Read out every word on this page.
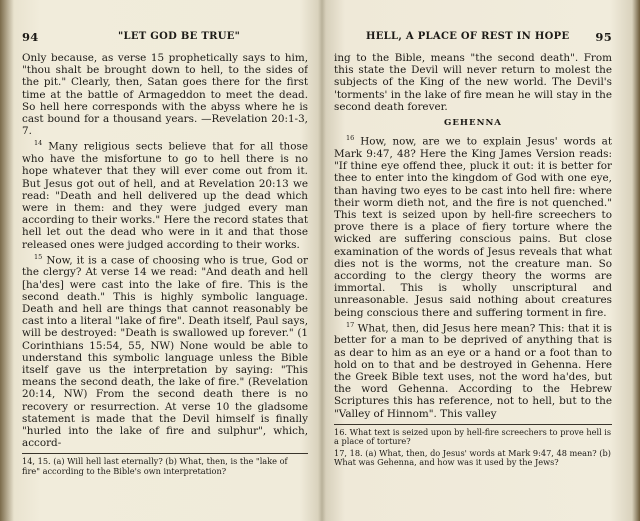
94	"LET GOD BE TRUE"

Only because, as verse 15 prophetically says to him, "thou shalt be brought down to hell, to the sides of the pit." Clearly, then, Satan goes there for the first time at the battle of Armageddon to meet the dead. So hell here corresponds with the abyss where he is cast bound for a thousand years. —Revelation 20:1-3, 7.

$^{14}$ Many religious sects believe that for all those who have the misfortune to go to hell there is no hope whatever that they will ever come out from it. But Jesus got out of hell, and at Revelation 20:13 we read: "Death and hell delivered up the dead which were in them: and they were judged every man according to their works." Here the record states that hell let out the dead who were in it and that those released ones were judged according to their works.

$^{15}$ Now, it is a case of choosing who is true, God or the clergy? At verse 14 we read: "And death and hell [ha'des] were cast into the lake of fire. This is the second death." This is highly symbolic language. Death and hell are things that cannot reasonably be cast into a literal "lake of fire". Death itself, Paul says, will be destroyed: "Death is swallowed up forever." (1 Corinthians 15:54, 55, NW) None would be able to understand this symbolic language unless the Bible itself gave us the interpretation by saying: "This means the second death, the lake of fire." (Revelation 20:14, NW) From the second death there is no recovery or resurrection. At verse 10 the gladsome statement is made that the Devil himself is finally "hurled into the lake of fire and sulphur", which, accord-

14, 15. (a) Will hell last eternally? (b) What, then, is the "lake of fire" according to the Bible's own interpretation?

HELL, A PLACE OF REST IN HOPE 95

ing to the Bible, means "the second death". From this state the Devil will never return to molest the subjects of the King of the new world. The Devil's 'torments' in the lake of fire mean he will stay in the second death forever.

GEHENNA

$^{16}$ How, now, are we to explain Jesus' words at Mark 9:47, 48? Here the King James Version reads: "If thine eye offend thee, pluck it out: it is better for thee to enter into the kingdom of God with one eye, than having two eyes to be cast into hell fire: where their worm dieth not, and the fire is not quenched." This text is seized upon by hell-fire screechers to prove there is a place of fiery torture where the wicked are suffering conscious pains. But close examination of the words of Jesus reveals that what dies not is the worms, not the creature man. So according to the clergy theory the worms are immortal. This is wholly unscriptural and unreasonable. Jesus said nothing about creatures being conscious there and suffering torment in fire.

$^{17}$ What, then, did Jesus here mean? This: that it is better for a man to be deprived of anything that is as dear to him as an eye or a hand or a foot than to hold on to that and be destroyed in Gehenna. Here the Greek Bible text uses, not the word ha'des, but the word Gehenna. According to the Hebrew Scriptures this has reference, not to hell, but to the "Valley of Hinnom". This valley

16. What text is seized upon by hell-fire screechers to prove hell is a place of torture?

17, 18. (a) What, then, do Jesus' words at Mark 9:47, 48 mean? (b) What was Gehenna, and how was it used by the Jews?
